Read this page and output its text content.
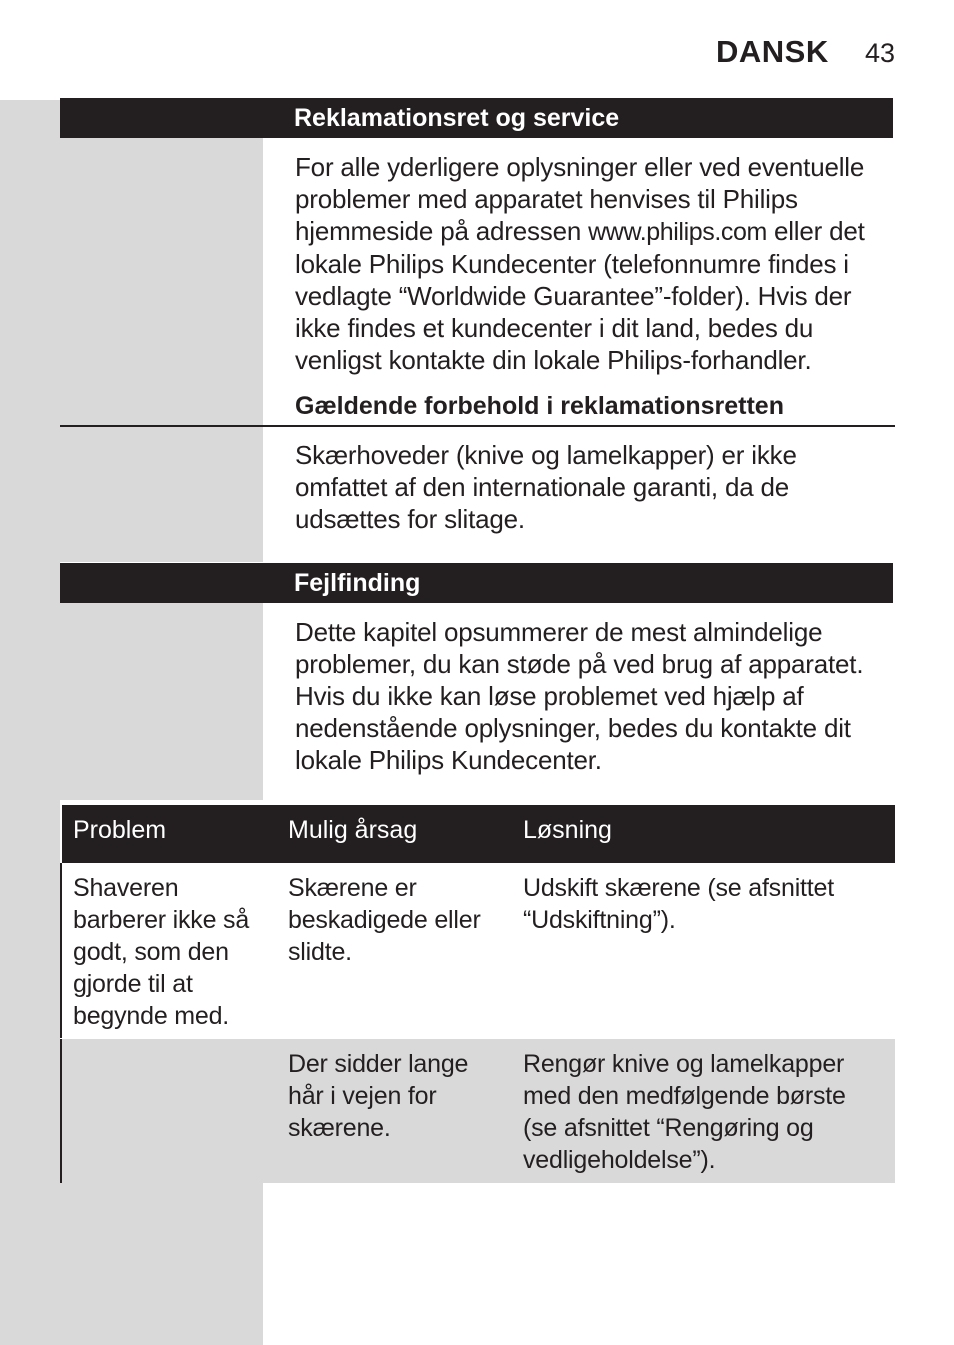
DANSK 43
Reklamationsret og service
For alle yderligere oplysninger eller ved eventuelle problemer med apparatet henvises til Philips hjemmeside på adressen www.philips.com eller det lokale Philips Kundecenter (telefonnumre findes i vedlagte “Worldwide Guarantee”-folder). Hvis der ikke findes et kundecenter i dit land, bedes du venligst kontakte din lokale Philips-forhandler.
Gældende forbehold i reklamationsretten
Skærhoveder (knive og lamelkapper) er ikke omfattet af den internationale garanti, da de udsættes for slitage.
Fejlfinding
Dette kapitel opsummerer de mest almindelige problemer, du kan støde på ved brug af apparatet. Hvis du ikke kan løse problemet ved hjælp af nedenstående oplysninger, bedes du kontakte dit lokale Philips Kundecenter.
Problem	Mulig årsag	Løsning
Shaveren barberer ikke så godt, som den gjorde til at begynde med.
Skærene er beskadigede eller slidte.
Udskift skærene (se afsnittet “Udskiftning”).
Der sidder lange hår i vejen for skærene.
Rengør knive og lamelkapper med den medfølgende børste (se afsnittet “Rengøring og vedligeholdelse”).
